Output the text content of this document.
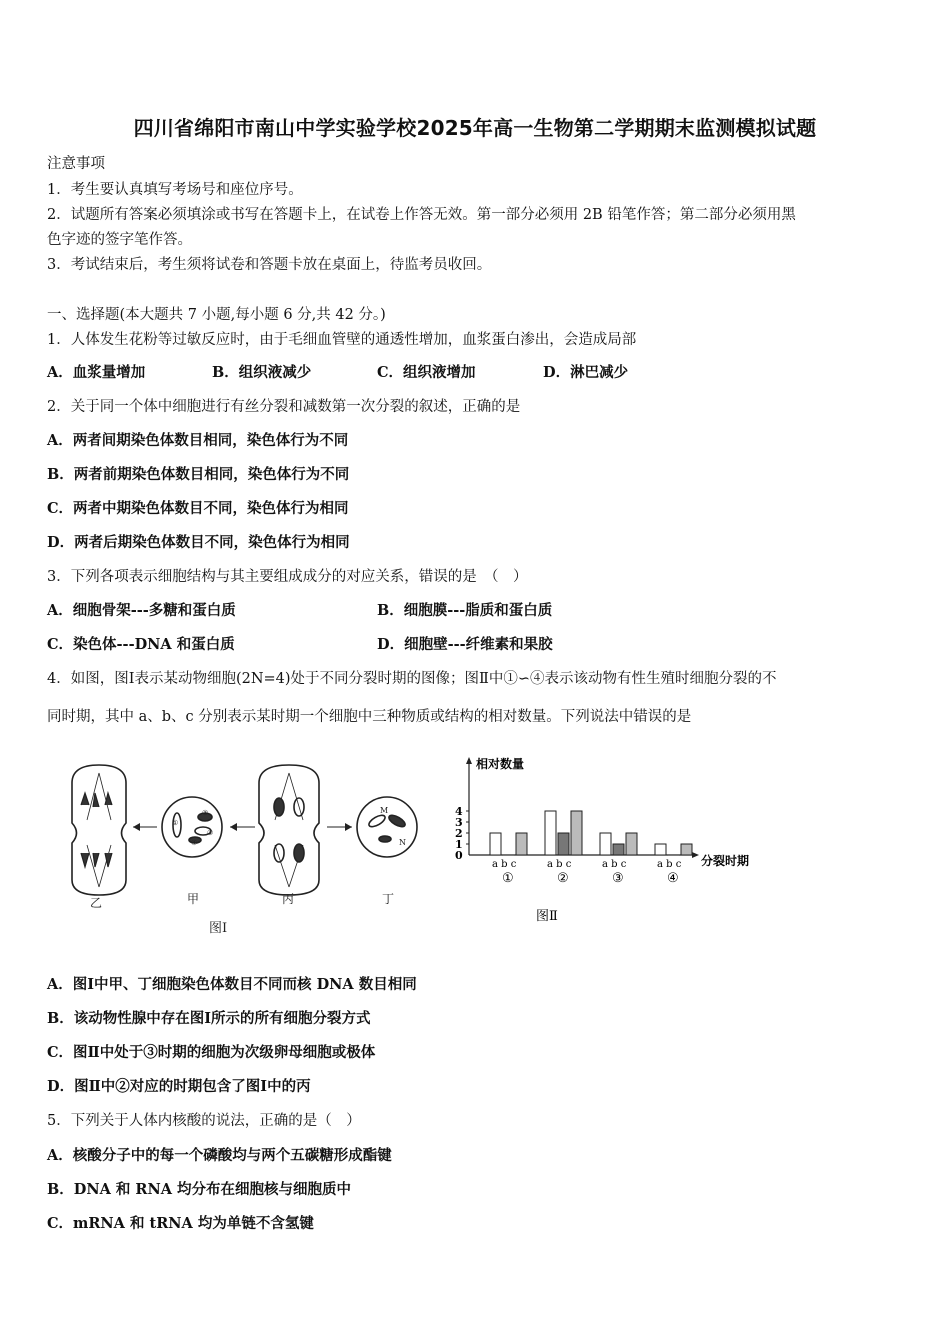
四川省绵阳市南山中学实验学校2025年高一生物第二学期期末监测模拟试题
注意事项
1．考生要认真填写考场号和座位序号。
2．试题所有答案必须填涂或书写在答题卡上，在试卷上作答无效。第一部分必须用 2B 铅笔作答；第二部分必须用黑
色字迹的签字笔作答。
3．考试结束后，考生须将试卷和答题卡放在桌面上，待监考员收回。
一、选择题(本大题共 7 小题,每小题 6 分,共 42 分。)
1．人体发生花粉等过敏反应时，由于毛细血管壁的通透性增加，血浆蛋白渗出，会造成局部
A．血浆量增加	B．组织液减少	C．组织液增加	D．淋巴减少
2．关于同一个体中细胞进行有丝分裂和减数第一次分裂的叙述，正确的是
A．两者间期染色体数目相同，染色体行为不同
B．两者前期染色体数目相同，染色体行为不同
C．两者中期染色体数目不同，染色体行为相同
D．两者后期染色体数目不同，染色体行为相同
3．下列各项表示细胞结构与其主要组成成分的对应关系，错误的是　（　）
A．细胞骨架---多糖和蛋白质	B．细胞膜---脂质和蛋白质
C．染色体---DNA 和蛋白质	D．细胞壁---纤维素和果胶
4．如图，图Ⅰ表示某动物细胞(2N=4)处于不同分裂时期的图像；图Ⅱ中①∽④表示该动物有性生殖时细胞分裂的不
同时期，其中 a、b、c 分别表示某时期一个细胞中三种物质或结构的相对数量。下列说法中错误的是
乙	甲	丙	丁
图Ⅰ
①
②
③
④
M
N
相对数量
分裂时期
图Ⅱ
0
1
2
3
4
a b c
①
a b c
②
a b c
③
a b c
④
A．图Ⅰ中甲、丁细胞染色体数目不同而核 DNA 数目相同
B．该动物性腺中存在图Ⅰ所示的所有细胞分裂方式
C．图Ⅱ中处于③时期的细胞为次级卵母细胞或极体
D．图Ⅱ中②对应的时期包含了图Ⅰ中的丙
5．下列关于人体内核酸的说法，正确的是（　）
A．核酸分子中的每一个磷酸均与两个五碳糖形成酯键
B．DNA 和 RNA 均分布在细胞核与细胞质中
C．mRNA 和 tRNA 均为单链不含氢键
